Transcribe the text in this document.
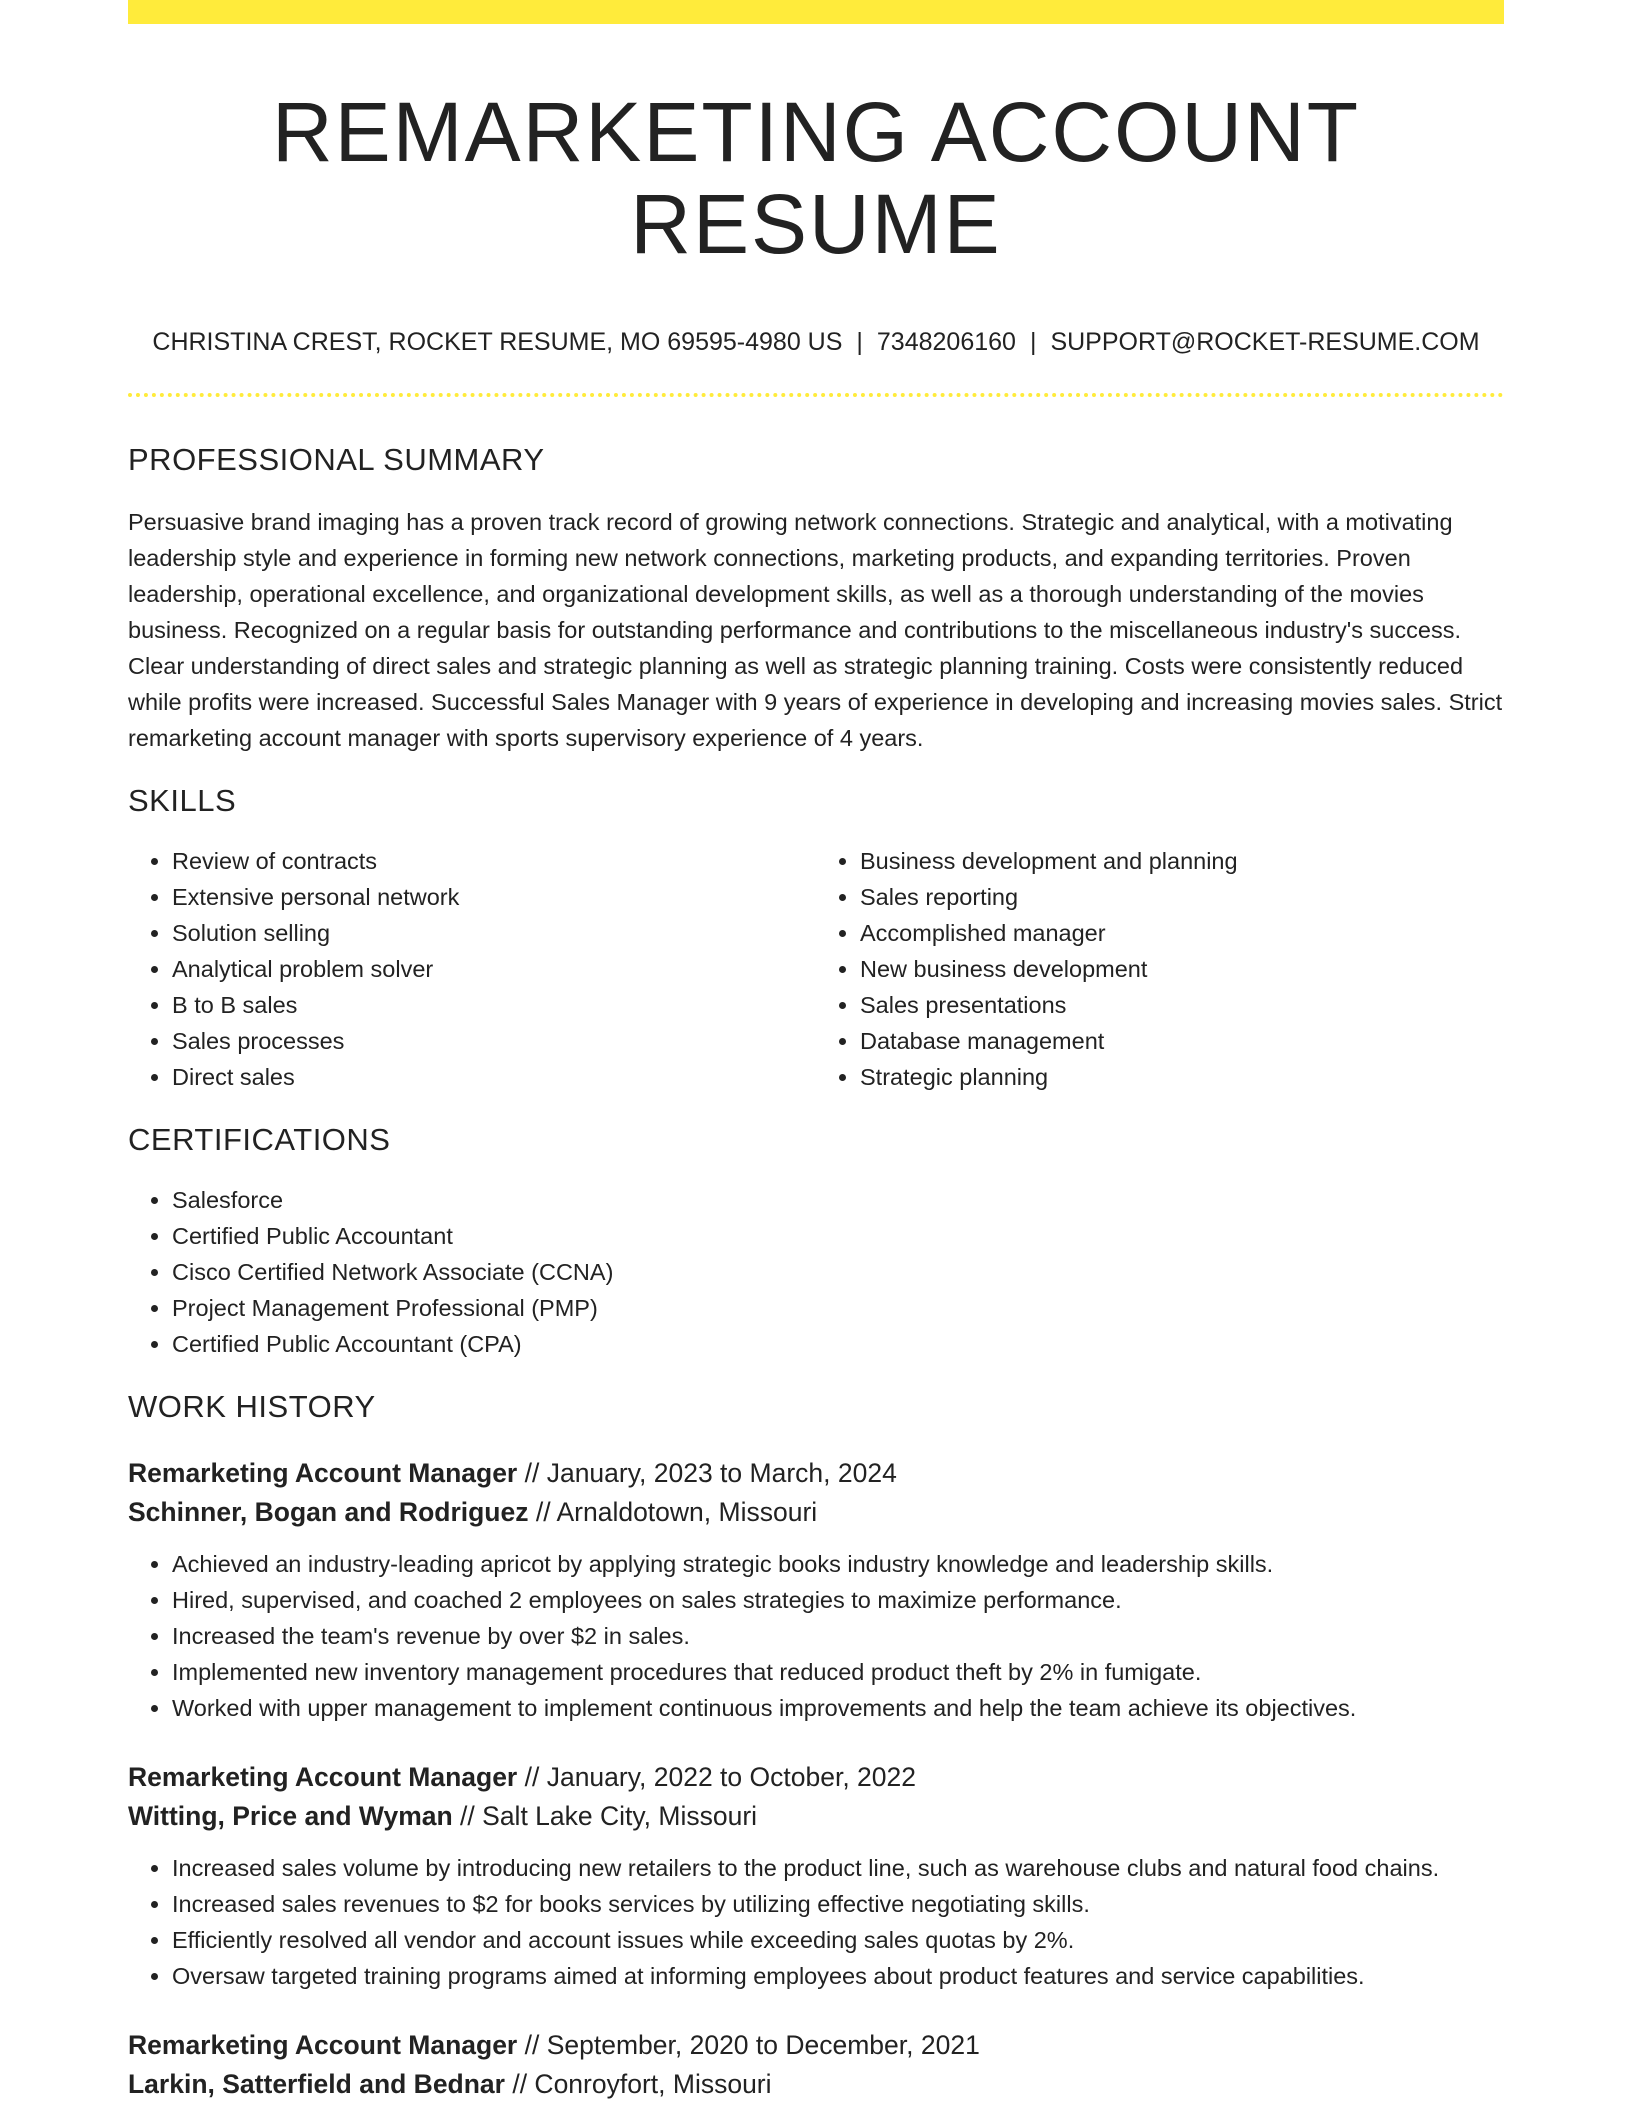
REMARKETING ACCOUNT RESUME
CHRISTINA CREST, ROCKET RESUME, MO 69595-4980 US | 7348206160 | SUPPORT@ROCKET-RESUME.COM
PROFESSIONAL SUMMARY

Persuasive brand imaging has a proven track record of growing network connections. Strategic and analytical, with a motivating leadership style and experience in forming new network connections, marketing products, and expanding territories. Proven leadership, operational excellence, and organizational development skills, as well as a thorough understanding of the movies business. Recognized on a regular basis for outstanding performance and contributions to the miscellaneous industry's success. Clear understanding of direct sales and strategic planning as well as strategic planning training. Costs were consistently reduced while profits were increased. Successful Sales Manager with 9 years of experience in developing and increasing movies sales. Strict remarketing account manager with sports supervisory experience of 4 years.

SKILLS
• Review of contracts
• Extensive personal network
• Solution selling
• Analytical problem solver
• B to B sales
• Sales processes
• Direct sales
• Business development and planning
• Sales reporting
• Accomplished manager
• New business development
• Sales presentations
• Database management
• Strategic planning
CERTIFICATIONS
• Salesforce
• Certified Public Accountant
• Cisco Certified Network Associate (CCNA)
• Project Management Professional (PMP)
• Certified Public Accountant (CPA)
WORK HISTORY
Remarketing Account Manager // January, 2023 to March, 2024
Schinner, Bogan and Rodriguez // Arnaldotown, Missouri
• Achieved an industry-leading apricot by applying strategic books industry knowledge and leadership skills.
• Hired, supervised, and coached 2 employees on sales strategies to maximize performance.
• Increased the team's revenue by over $2 in sales.
• Implemented new inventory management procedures that reduced product theft by 2% in fumigate.
• Worked with upper management to implement continuous improvements and help the team achieve its objectives.
Remarketing Account Manager // January, 2022 to October, 2022
Witting, Price and Wyman // Salt Lake City, Missouri
• Increased sales volume by introducing new retailers to the product line, such as warehouse clubs and natural food chains.
• Increased sales revenues to $2 for books services by utilizing effective negotiating skills.
• Efficiently resolved all vendor and account issues while exceeding sales quotas by 2%.
• Oversaw targeted training programs aimed at informing employees about product features and service capabilities.
Remarketing Account Manager // September, 2020 to December, 2021
Larkin, Satterfield and Bednar // Conroyfort, Missouri
